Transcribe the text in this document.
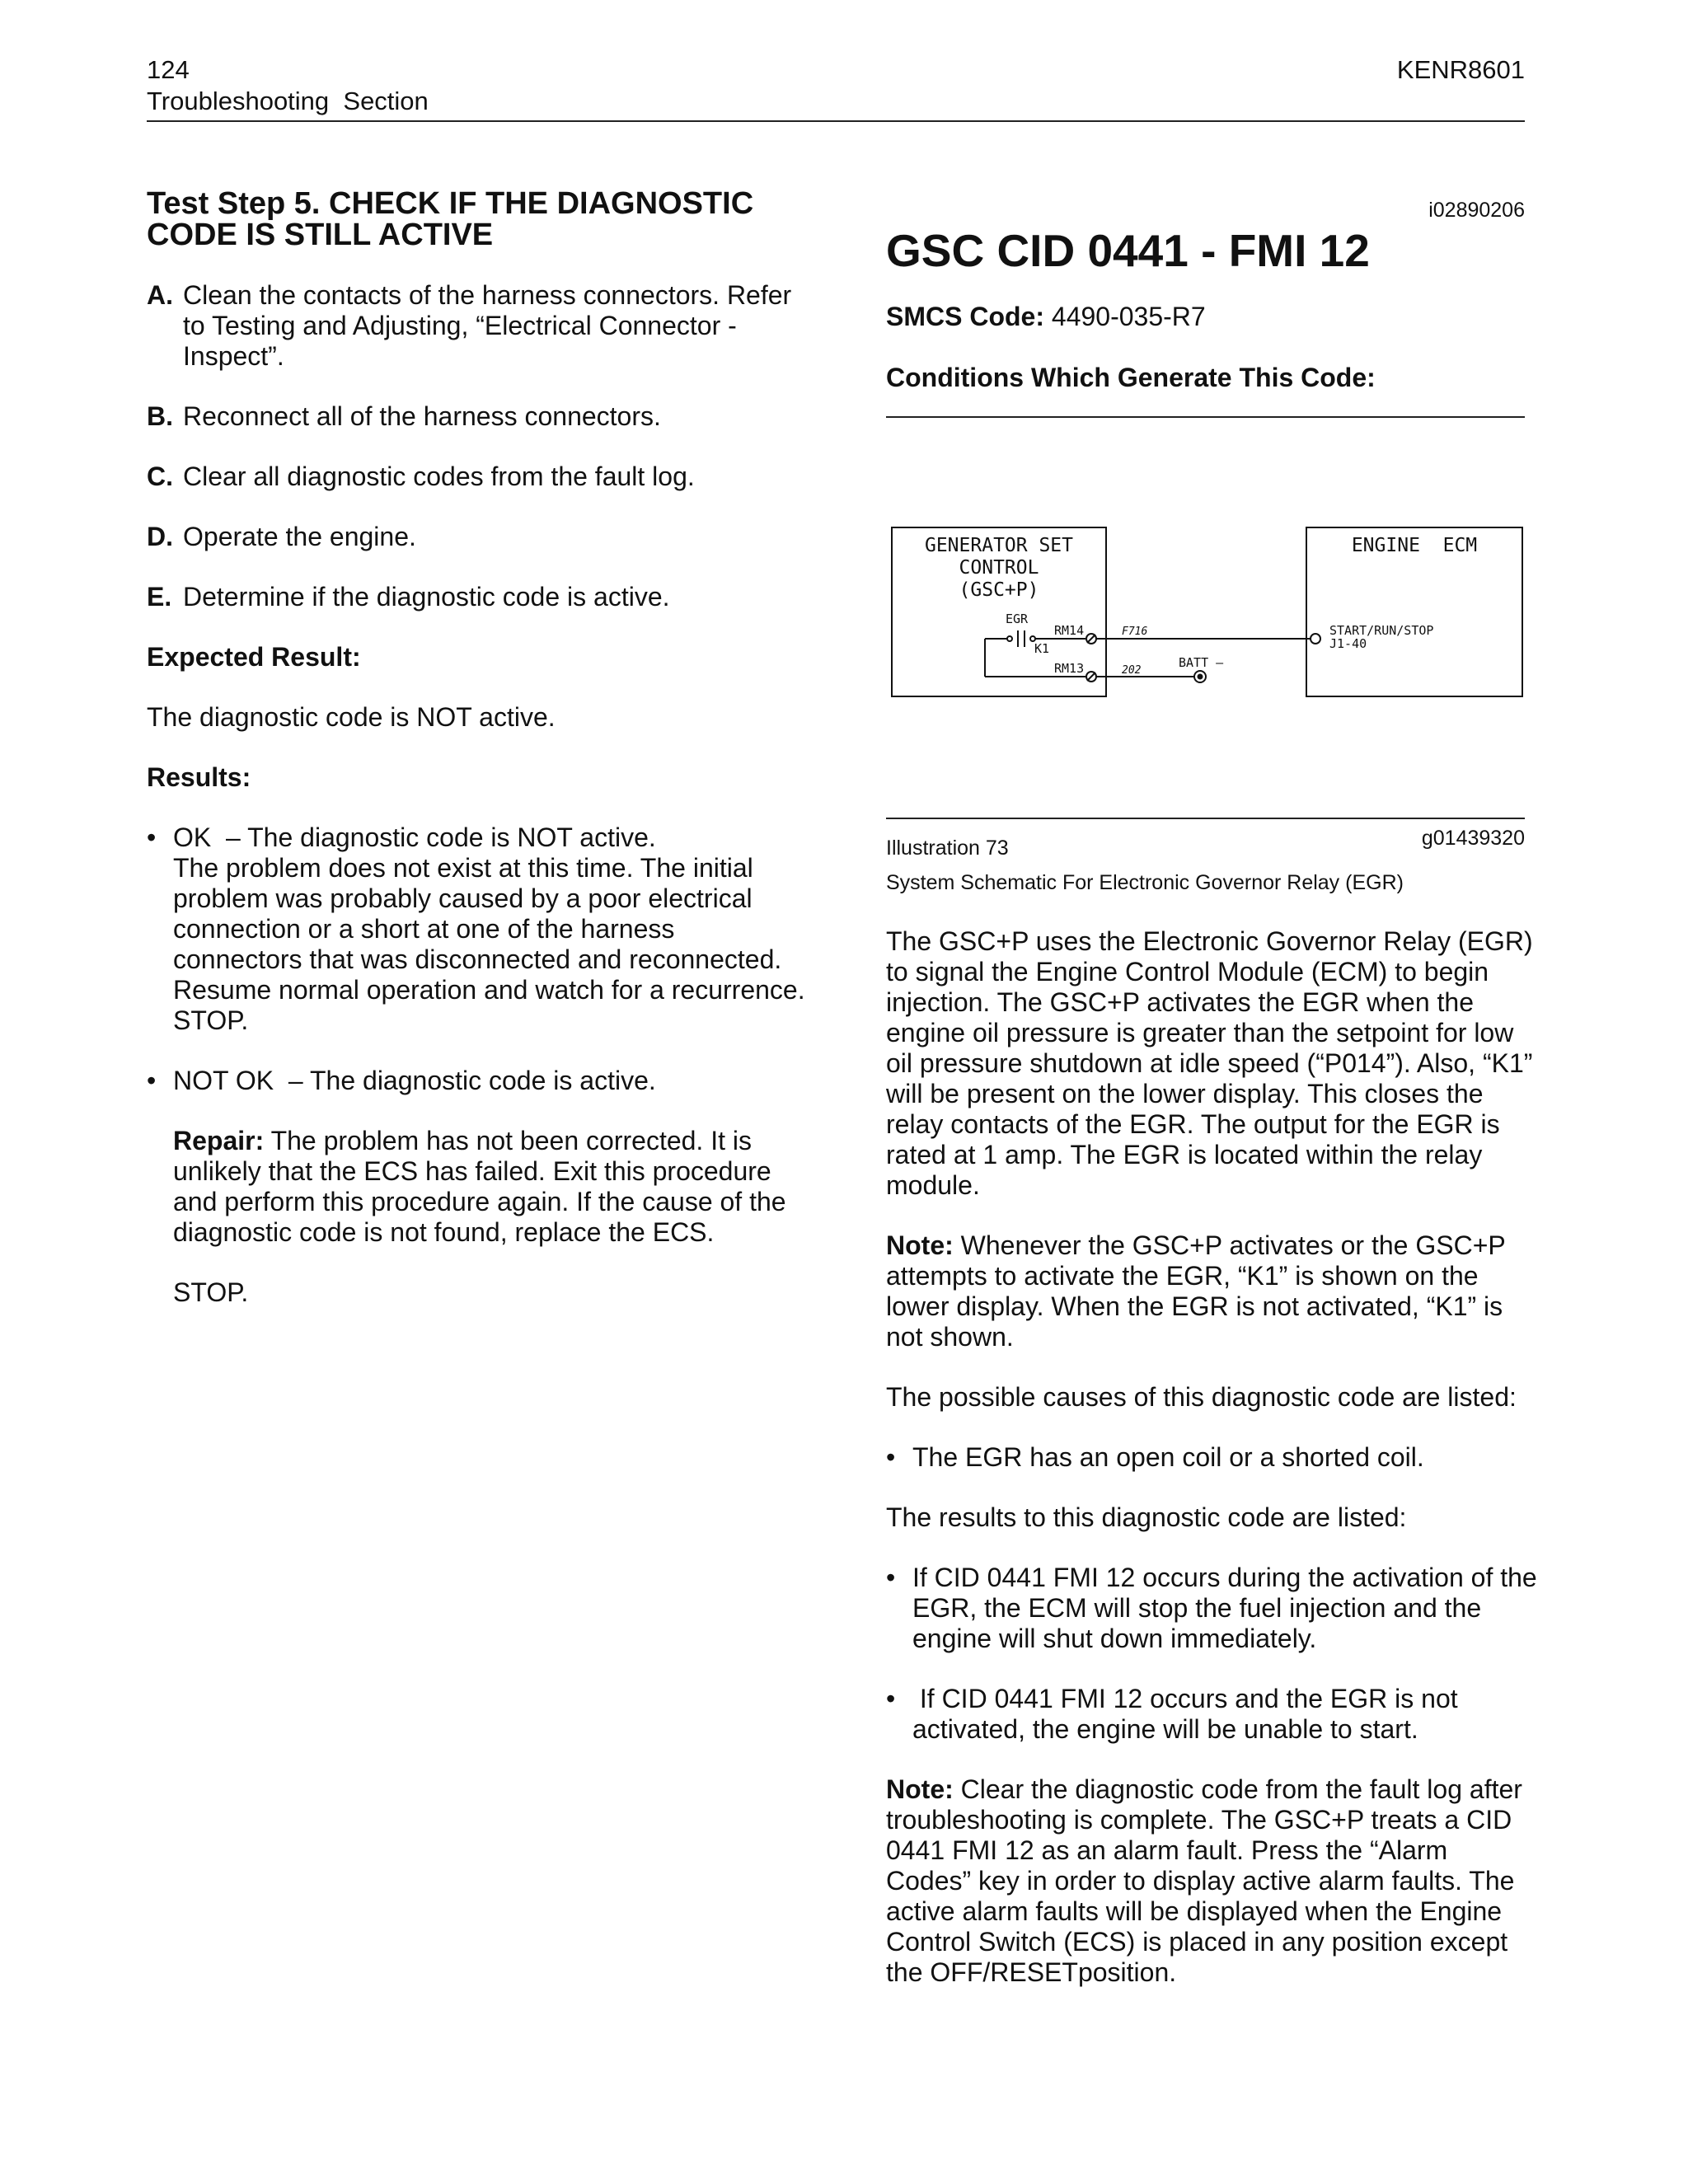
124	KENR8601
Troubleshooting  Section
Test Step 5. CHECK IF THE DIAGNOSTIC CODE IS STILL ACTIVE
A. Clean the contacts of the harness connectors. Refer to Testing and Adjusting, “Electrical Connector - Inspect”.
B. Reconnect all of the harness connectors.
C. Clear all diagnostic codes from the fault log.
D. Operate the engine.
E. Determine if the diagnostic code is active.

Expected Result:

The diagnostic code is NOT active.

Results:

• OK  – The diagnostic code is NOT active.
The problem does not exist at this time. The initial problem was probably caused by a poor electrical connection or a short at one of the harness connectors that was disconnected and reconnected. Resume normal operation and watch for a recurrence. STOP.
• NOT OK  – The diagnostic code is active.
Repair: The problem has not been corrected. It is unlikely that the ECS has failed. Exit this procedure and perform this procedure again. If the cause of the diagnostic code is not found, replace the ECS.
STOP.
i02890206
GSC CID 0441 - FMI 12
SMCS Code: 4490-035-R7
Conditions Which Generate This Code:
GENERATOR SET
CONTROL
(GSC+P)
EGR
K1
RM14
RM13
F716
202
BATT –
ENGINE  ECM
START/RUN/STOP
J1-40
Illustration 73	g01439320
System Schematic For Electronic Governor Relay (EGR)

The GSC+P uses the Electronic Governor Relay (EGR) to signal the Engine Control Module (ECM) to begin injection. The GSC+P activates the EGR when the engine oil pressure is greater than the setpoint for low oil pressure shutdown at idle speed (“P014”). Also, “K1” will be present on the lower display. This closes the relay contacts of the EGR. The output for the EGR is rated at 1 amp. The EGR is located within the relay module.

Note: Whenever the GSC+P activates or the GSC+P attempts to activate the EGR, “K1” is shown on the lower display. When the EGR is not activated, “K1” is not shown.

The possible causes of this diagnostic code are listed:

• The EGR has an open coil or a shorted coil.

The results to this diagnostic code are listed:

• If CID 0441 FMI 12 occurs during the activation of the EGR, the ECM will stop the fuel injection and the engine will shut down immediately.
• If CID 0441 FMI 12 occurs and the EGR is not activated, the engine will be unable to start.

Note: Clear the diagnostic code from the fault log after troubleshooting is complete. The GSC+P treats a CID 0441 FMI 12 as an alarm fault. Press the “Alarm Codes” key in order to display active alarm faults. The active alarm faults will be displayed when the Engine Control Switch (ECS) is placed in any position except the OFF/RESETposition.
